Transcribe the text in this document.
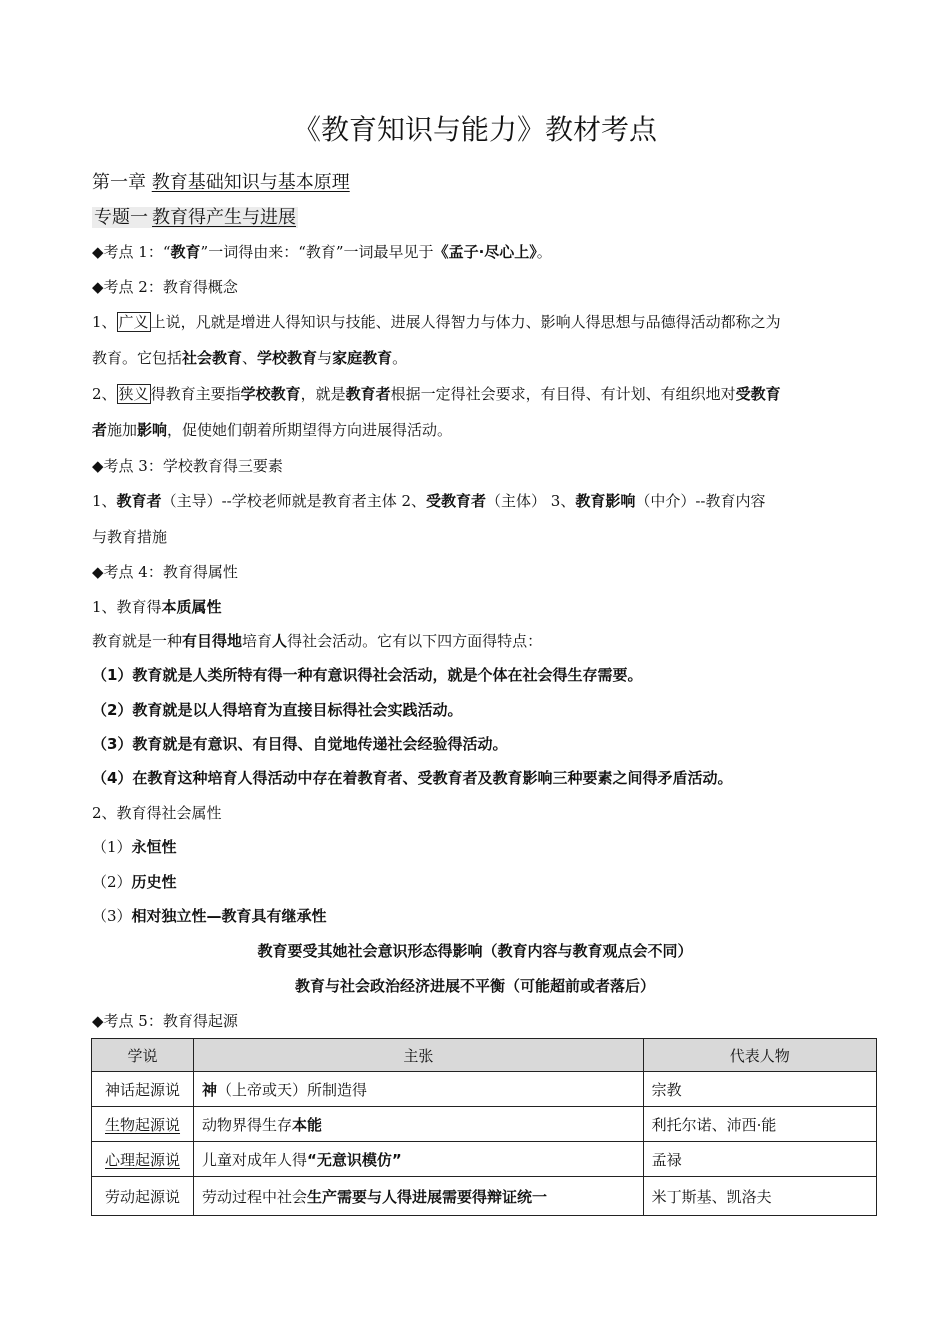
《教育知识与能力》教材考点
第一章 教育基础知识与基本原理
专题一 教育得产生与进展
◆考点 1：“教育”一词得由来：“教育”一词最早见于《孟子·尽心上》。
◆考点 2：教育得概念
1、 广义 上说，凡就是增进人得知识与技能、进展人得智力与体力、影响人得思想与品德得活动都称之为
教育。它包括社会教育、学校教育与家庭教育。
2、 狭义 得教育主要指学校教育，就是教育者根据一定得社会要求，有目得、有计划、有组织地对受教育
者施加影响，促使她们朝着所期望得方向进展得活动。
◆考点 3：学校教育得三要素
1、教育者（主导）--学校老师就是教育者主体 2、受教育者（主体） 3、教育影响（中介）--教育内容
与教育措施
◆考点 4：教育得属性
1、教育得本质属性
教育就是一种有目得地培育人得社会活动。它有以下四方面得特点：
（1）教育就是人类所特有得一种有意识得社会活动，就是个体在社会得生存需要。
（2）教育就是以人得培育为直接目标得社会实践活动。
（3）教育就是有意识、有目得、自觉地传递社会经验得活动。
（4）在教育这种培育人得活动中存在着教育者、受教育者及教育影响三种要素之间得矛盾活动。
2、教育得社会属性
（1）永恒性
（2）历史性
（3）相对独立性—教育具有继承性
教育要受其她社会意识形态得影响（教育内容与教育观点会不同）
教育与社会政治经济进展不平衡（可能超前或者落后）
◆考点 5：教育得起源
学说	主张	代表人物
神话起源说	神（上帝或天）所制造得	宗教
生物起源说	动物界得生存本能	利托尔诺、沛西·能
心理起源说	儿童对成年人得“无意识模仿”	孟禄
劳动起源说	劳动过程中社会生产需要与人得进展需要得辩证统一	米丁斯基、凯洛夫
